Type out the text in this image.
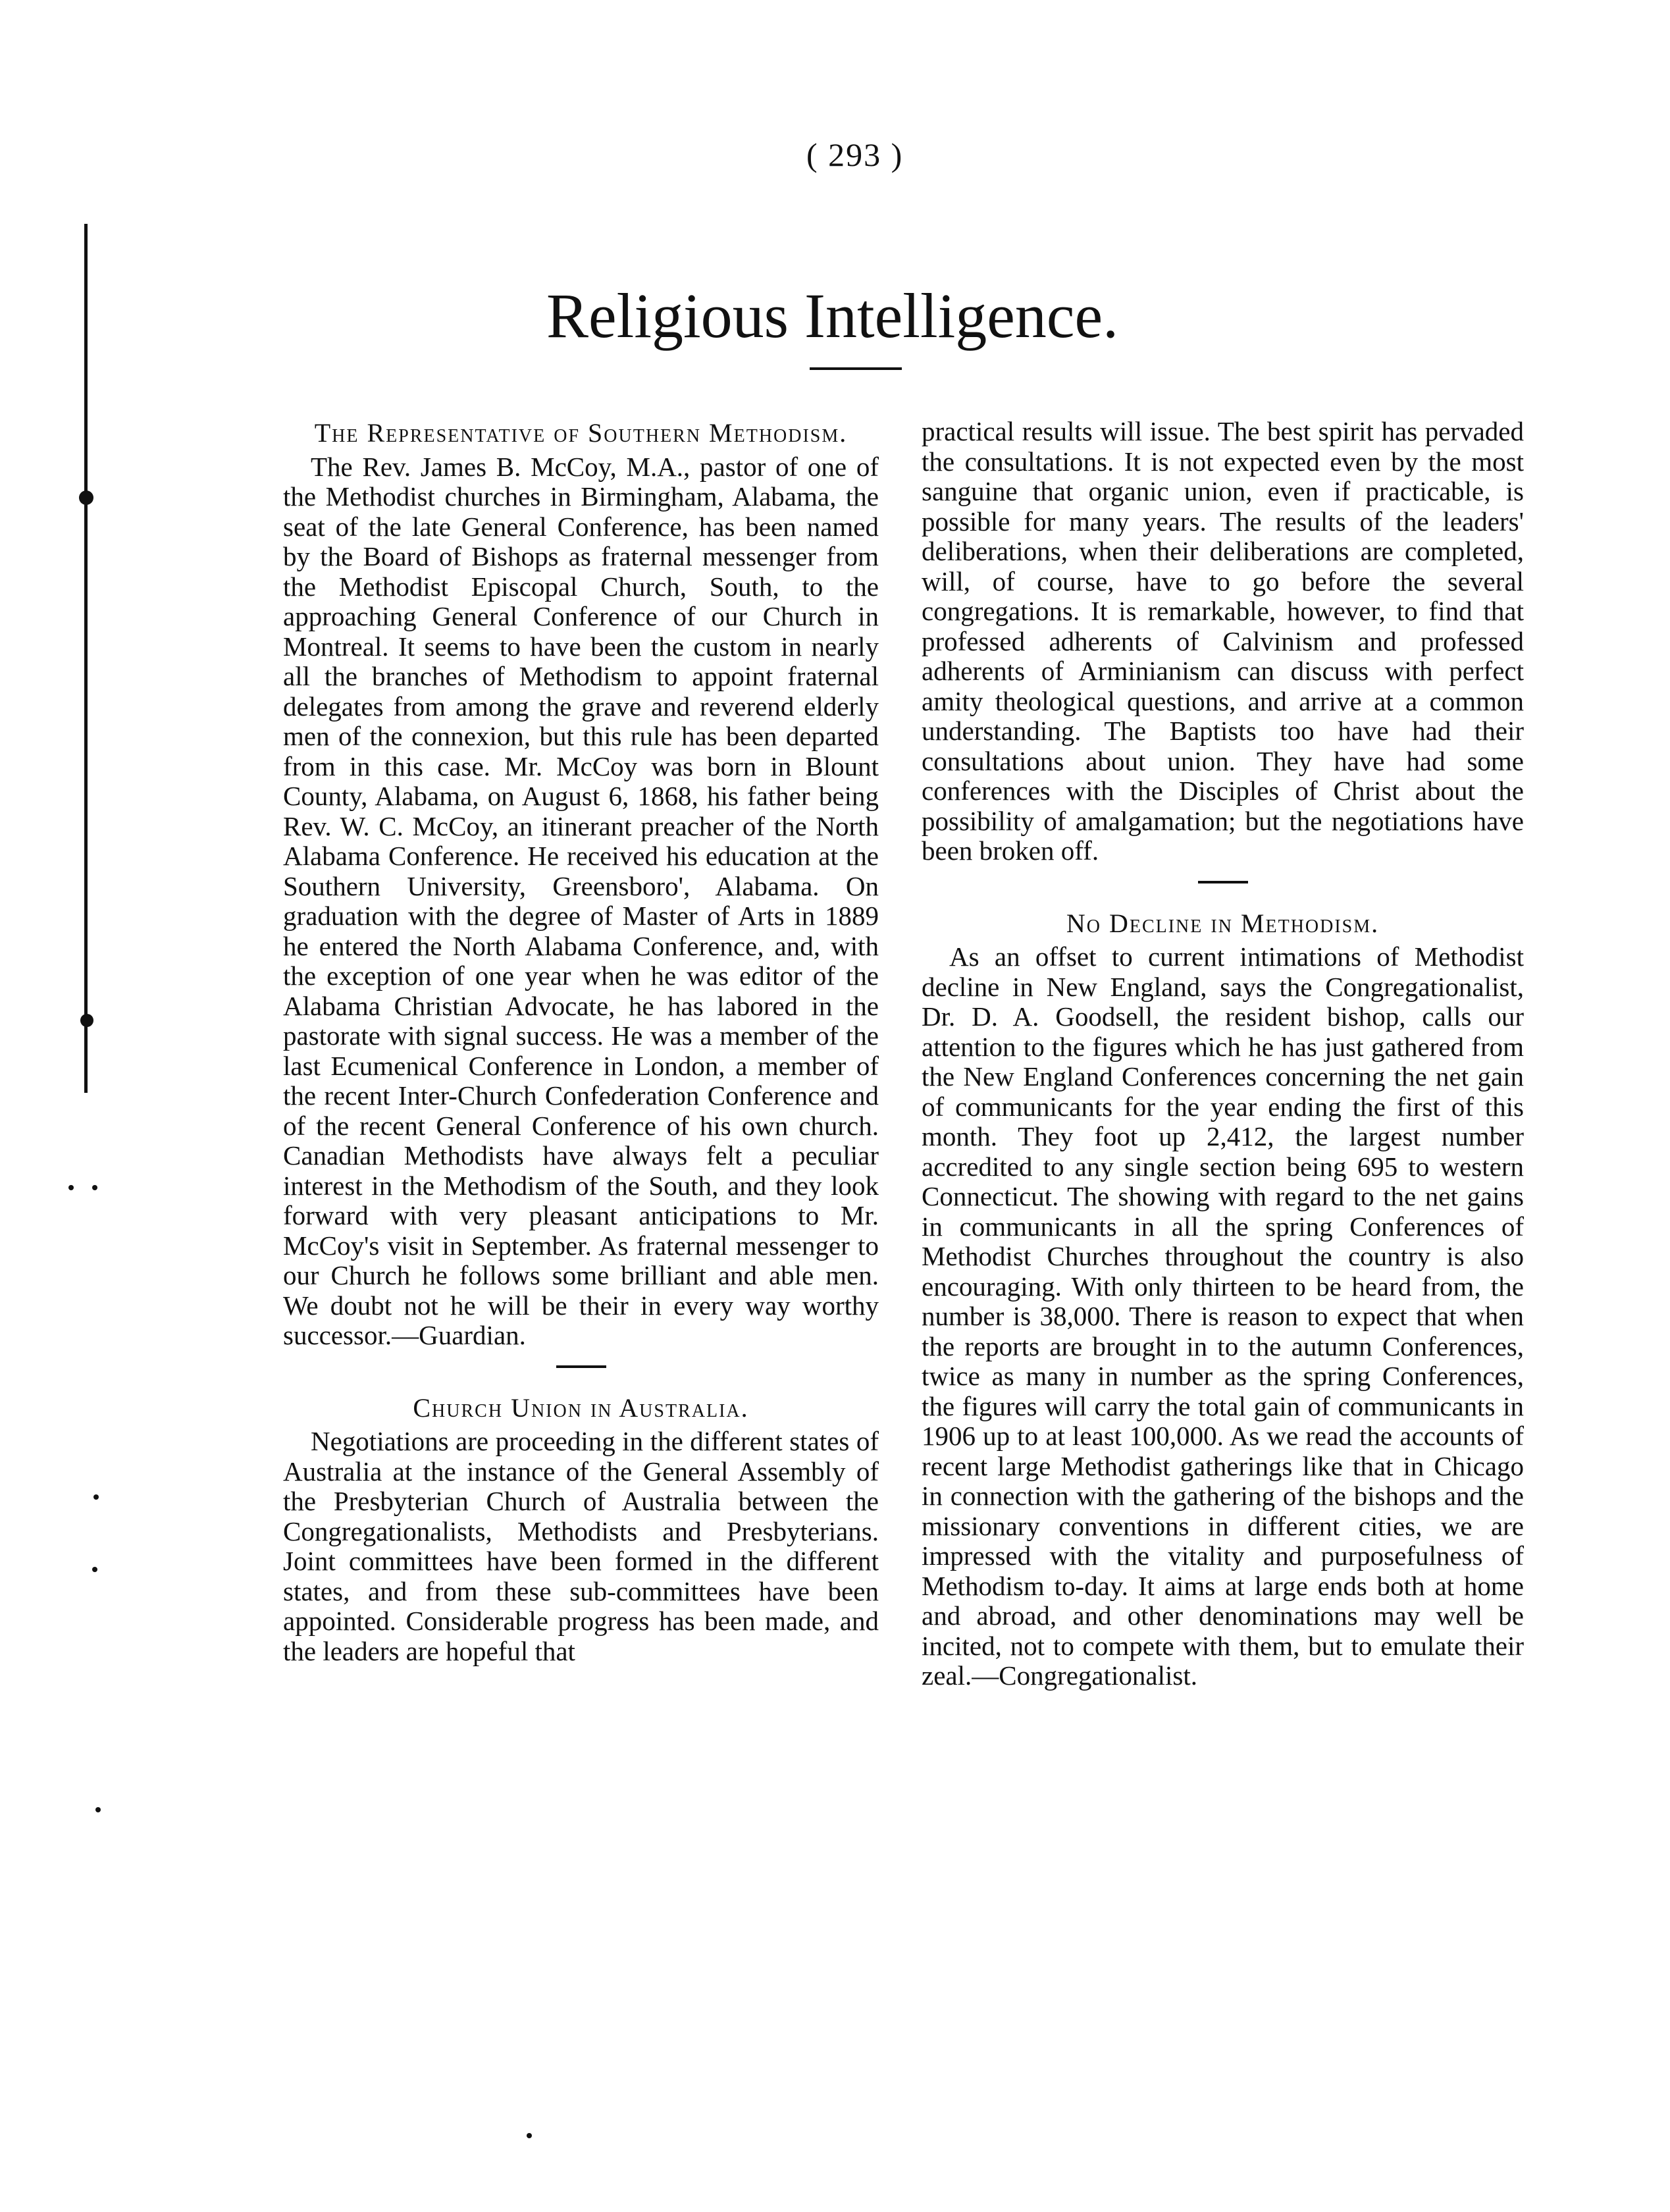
( 293 )
Religious Intelligence.
The Representative of Southern Methodism.

The Rev. James B. McCoy, M.A., pastor of one of the Methodist churches in Birmingham, Alabama, the seat of the late General Conference, has been named by the Board of Bishops as fraternal messenger from the Methodist Episcopal Church, South, to the approaching General Conference of our Church in Montreal. It seems to have been the custom in nearly all the branches of Methodism to appoint fraternal delegates from among the grave and reverend elderly men of the connexion, but this rule has been departed from in this case. Mr. McCoy was born in Blount County, Alabama, on August 6, 1868, his father being Rev. W. C. McCoy, an itinerant preacher of the North Alabama Conference. He received his education at the Southern University, Greensboro', Alabama. On graduation with the degree of Master of Arts in 1889 he entered the North Alabama Conference, and, with the exception of one year when he was editor of the Alabama Christian Advocate, he has labored in the pastorate with signal success. He was a member of the last Ecumenical Conference in London, a member of the recent Inter-Church Confederation Conference and of the recent General Conference of his own church. Canadian Methodists have always felt a peculiar interest in the Methodism of the South, and they look forward with very pleasant anticipations to Mr. McCoy's visit in September. As fraternal messenger to our Church he follows some brilliant and able men. We doubt not he will be their in every way worthy successor.—Guardian.

Church Union in Australia.

Negotiations are proceeding in the different states of Australia at the instance of the General Assembly of the Presbyterian Church of Australia between the Congregationalists, Methodists and Presbyterians. Joint committees have been formed in the different states, and from these sub-committees have been appointed. Considerable progress has been made, and the leaders are hopeful that

practical results will issue. The best spirit has pervaded the consultations. It is not expected even by the most sanguine that organic union, even if practicable, is possible for many years. The results of the leaders' deliberations, when their deliberations are completed, will, of course, have to go before the several congregations. It is remarkable, however, to find that professed adherents of Calvinism and professed adherents of Arminianism can discuss with perfect amity theological questions, and arrive at a common understanding. The Baptists too have had their consultations about union. They have had some conferences with the Disciples of Christ about the possibility of amalgamation; but the negotiations have been broken off.

No Decline in Methodism.

As an offset to current intimations of Methodist decline in New England, says the Congregationalist, Dr. D. A. Goodsell, the resident bishop, calls our attention to the figures which he has just gathered from the New England Conferences concerning the net gain of communicants for the year ending the first of this month. They foot up 2,412, the largest number accredited to any single section being 695 to western Connecticut. The showing with regard to the net gains in communicants in all the spring Conferences of Methodist Churches throughout the country is also encouraging. With only thirteen to be heard from, the number is 38,000. There is reason to expect that when the reports are brought in to the autumn Conferences, twice as many in number as the spring Conferences, the figures will carry the total gain of communicants in 1906 up to at least 100,000. As we read the accounts of recent large Methodist gatherings like that in Chicago in connection with the gathering of the bishops and the missionary conventions in different cities, we are impressed with the vitality and purposefulness of Methodism to-day. It aims at large ends both at home and abroad, and other denominations may well be incited, not to compete with them, but to emulate their zeal.—Congregationalist.
